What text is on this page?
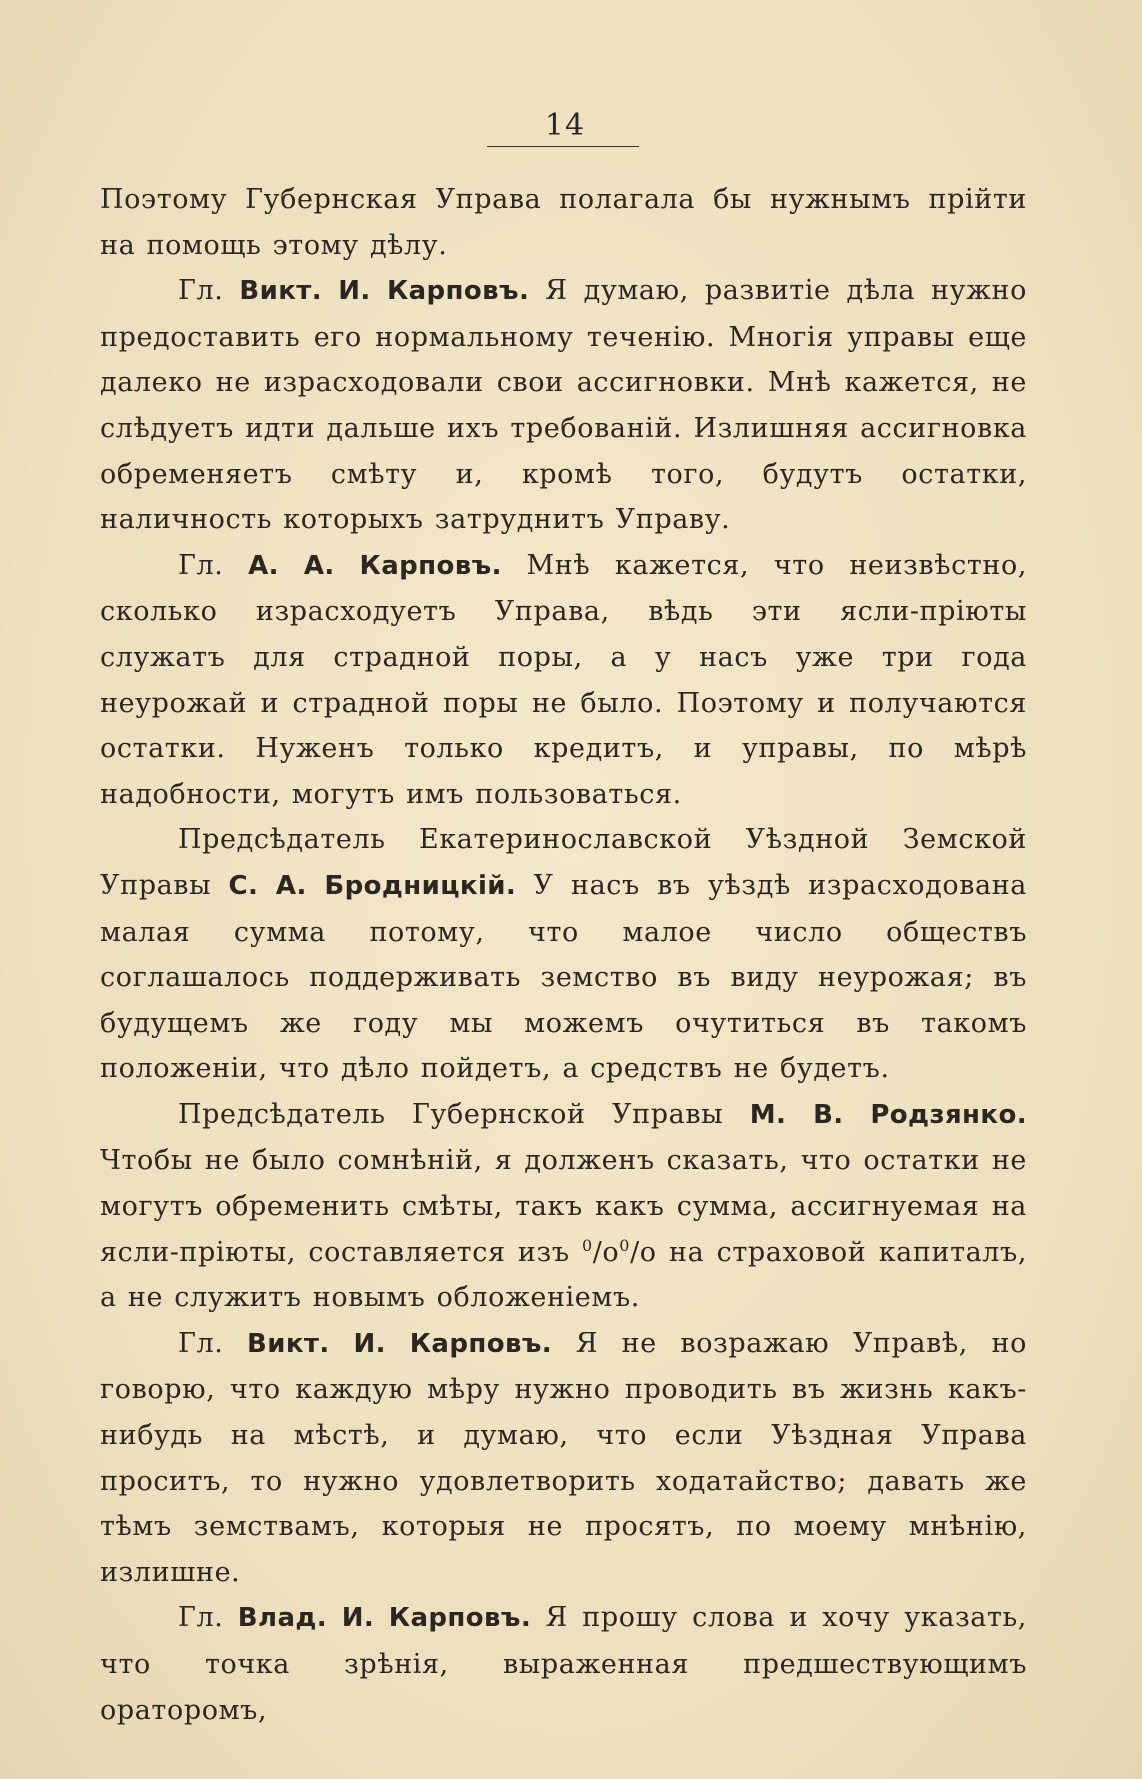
14

Поэтому Губернская Управа полагала бы нужнымъ прійти на помощь этому дѣлу.

Гл. Викт. И. Карповъ. Я думаю, развитіе дѣла нужно предоставить его нормальному теченію. Многія управы еще далеко не израсходовали свои ассигновки. Мнѣ кажется, не слѣдуетъ идти дальше ихъ требованій. Излишняя ассигновка обременяетъ смѣту и, кромѣ того, будутъ остатки, наличность которыхъ затруднитъ Управу.

Гл. А. А. Карповъ. Мнѣ кажется, что неизвѣстно, сколько израсходуетъ Управа, вѣдь эти ясли-пріюты служатъ для страдной поры, а у насъ уже три года неурожай и страдной поры не было. Поэтому и получаются остатки. Нуженъ только кредитъ, и управы, по мѣрѣ надобности, могутъ имъ пользоваться.

Предсѣдатель Екатеринославской Уѣздной Земской Управы С. А. Бродницкій. У насъ въ уѣздѣ израсходована малая сумма потому, что малое число обществъ соглашалось поддерживать земство въ виду неурожая; въ будущемъ же году мы можемъ очутиться въ такомъ положеніи, что дѣло пойдетъ, а средствъ не будетъ.

Предсѣдатель Губернской Управы М. В. Родзянко. Чтобы не было сомнѣній, я долженъ сказать, что остатки не могутъ обременить смѣты, такъ какъ сумма, ассигнуемая на ясли-пріюты, составляется изъ $^0/о^0/о$ на страховой капиталъ, а не служитъ новымъ обложеніемъ.

Гл. Викт. И. Карповъ. Я не возражаю Управѣ, но говорю, что каждую мѣру нужно проводить въ жизнь какъ-нибудь на мѣстѣ, и думаю, что если Уѣздная Управа проситъ, то нужно удовлетворить ходатайство; давать же тѣмъ земствамъ, которыя не просятъ, по моему мнѣнію, излишне.

Гл. Влад. И. Карповъ. Я прошу слова и хочу указать, что точка зрѣнія, выраженная предшествующимъ ораторомъ,
